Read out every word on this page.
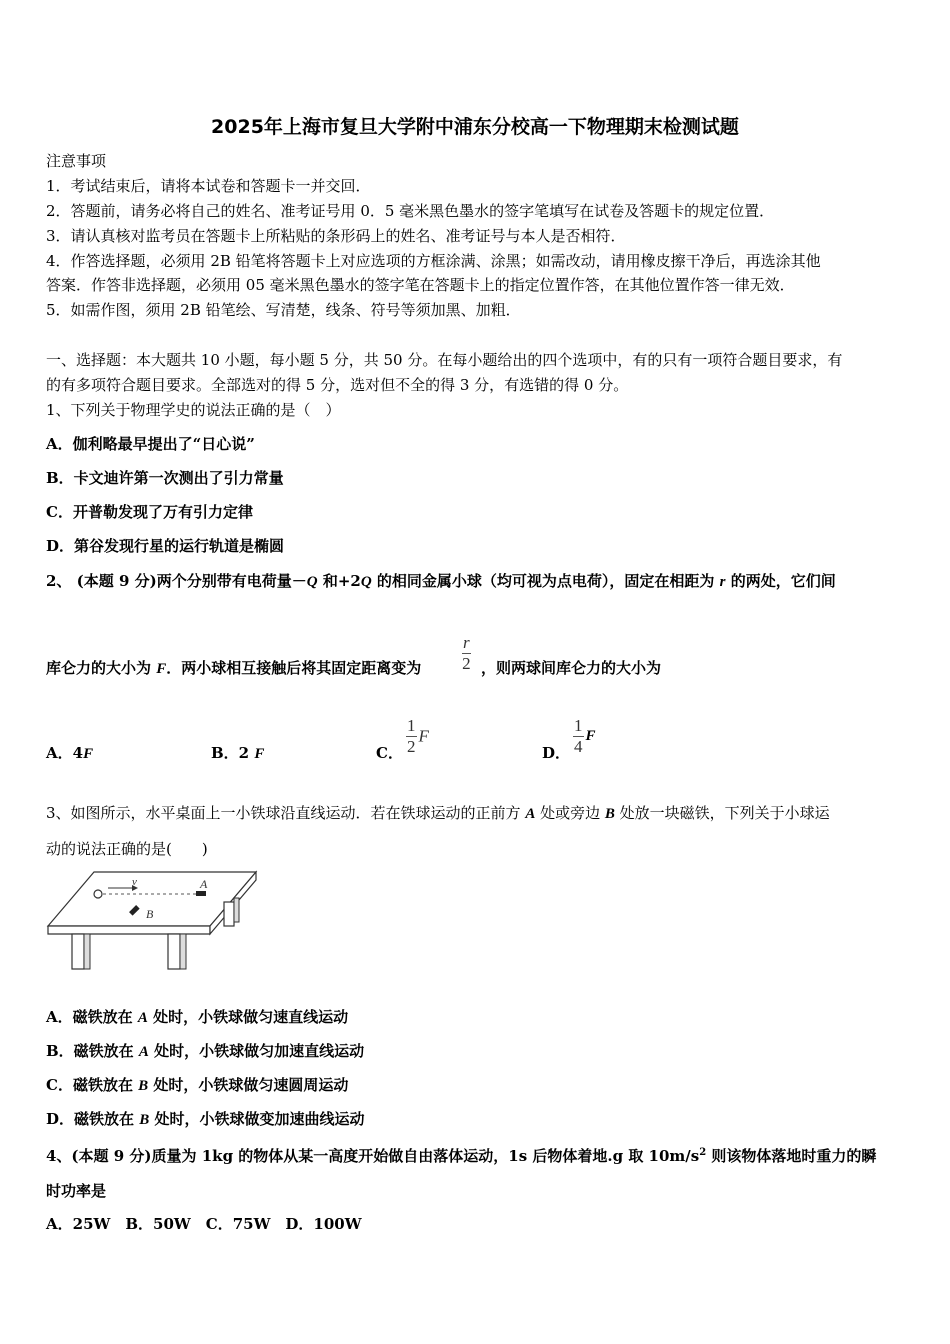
2025年上海市复旦大学附中浦东分校高一下物理期末检测试题
注意事项
1．考试结束后，请将本试卷和答题卡一并交回．
2．答题前，请务必将自己的姓名、准考证号用 0．5 毫米黑色墨水的签字笔填写在试卷及答题卡的规定位置．
3．请认真核对监考员在答题卡上所粘贴的条形码上的姓名、准考证号与本人是否相符．
4．作答选择题，必须用 2B 铅笔将答题卡上对应选项的方框涂满、涂黑；如需改动，请用橡皮擦干净后，再选涂其他
答案．作答非选择题，必须用 05 毫米黑色墨水的签字笔在答题卡上的指定位置作答，在其他位置作答一律无效．
5．如需作图，须用 2B 铅笔绘、写清楚，线条、符号等须加黑、加粗．
一、选择题：本大题共 10 小题，每小题 5 分，共 50 分。在每小题给出的四个选项中，有的只有一项符合题目要求，有
的有多项符合题目要求。全部选对的得 5 分，选对但不全的得 3 分，有选错的得 0 分。
1、下列关于物理学史的说法正确的是（　）
A．伽利略最早提出了“日心说”
B．卡文迪许第一次测出了引力常量
C．开普勒发现了万有引力定律
D．第谷发现行星的运行轨道是椭圆
2、 (本题 9 分)两个分别带有电荷量－Q 和+2Q 的相同金属小球（均可视为点电荷），固定在相距为 r 的两处，它们间
库仑力的大小为 F．两小球相互接触后将其固定距离变为 $\frac{r}{2}$ ，则两球间库仑力的大小为
A．4F	B．2 F	C． $\frac{1}{2}$ F
D． $\frac{1}{4}$ F
3、如图所示，水平桌面上一小铁球沿直线运动．若在铁球运动的正前方 A 处或旁边 B 处放一块磁铁，下列关于小球运
动的说法正确的是(　　)
v	A
B
A．磁铁放在 A 处时，小铁球做匀速直线运动
B．磁铁放在 A 处时，小铁球做匀加速直线运动
C．磁铁放在 B 处时，小铁球做匀速圆周运动
D．磁铁放在 B 处时，小铁球做变加速曲线运动
4、(本题 9 分)质量为 1kg 的物体从某一高度开始做自由落体运动，1s 后物体着地.g 取 $10m/s^2$ 则该物体落地时重力的瞬
时功率是
A．25W　B．50W　C．75W　D．100W
